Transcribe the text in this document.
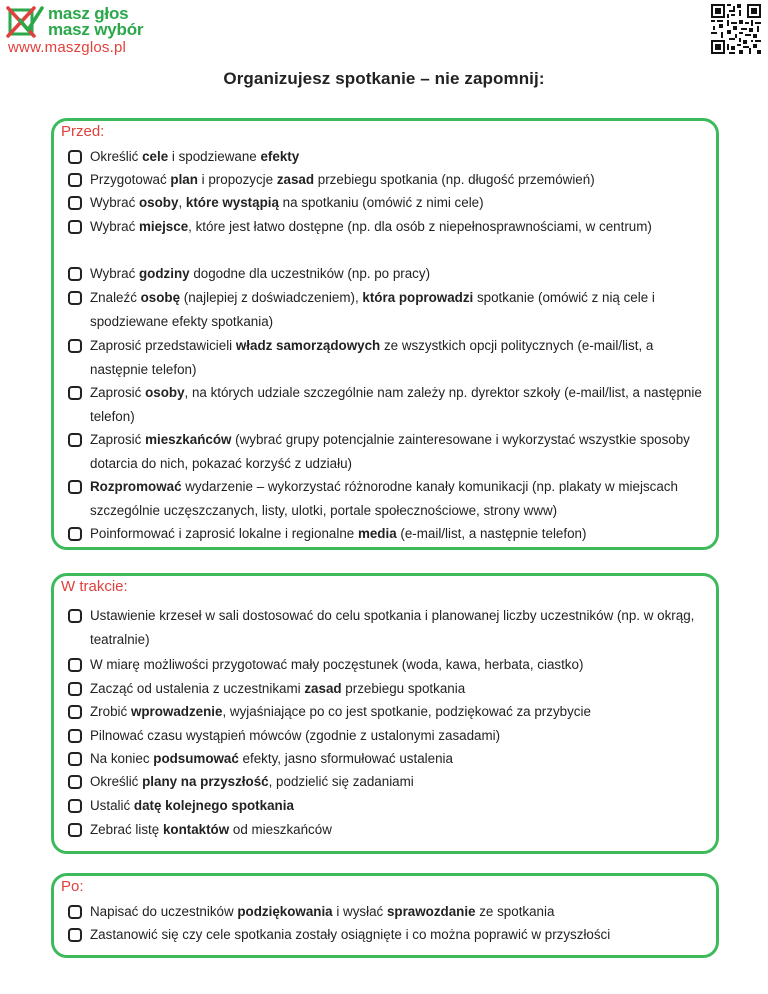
masz głos
masz wybór
www.maszglos.pl
Organizujesz spotkanie – nie zapomnij:
Przed:
Określić cele i spodziewane efekty
Przygotować plan i propozycje zasad przebiegu spotkania (np. długość przemówień)
Wybrać osoby, które wystąpią na spotkaniu (omówić z nimi cele)
Wybrać miejsce, które jest łatwo dostępne (np. dla osób z niepełnosprawnościami, w centrum)
Wybrać godziny dogodne dla uczestników (np. po pracy)
Znaleźć osobę (najlepiej z doświadczeniem), która poprowadzi spotkanie (omówić z nią cele i spodziewane efekty spotkania)
Zaprosić przedstawicieli władz samorządowych ze wszystkich opcji politycznych (e-mail/list, a następnie telefon)
Zaprosić osoby, na których udziale szczególnie nam zależy np. dyrektor szkoły (e-mail/list, a następnie telefon)
Zaprosić mieszkańców (wybrać grupy potencjalnie zainteresowane i wykorzystać wszystkie sposoby dotarcia do nich, pokazać korzyść z udziału)
Rozpromować wydarzenie – wykorzystać różnorodne kanały komunikacji (np. plakaty w miejscach szczególnie uczęszczanych, listy, ulotki, portale społecznościowe, strony www)
Poinformować i zaprosić lokalne i regionalne media (e-mail/list, a następnie telefon)
W trakcie:
Ustawienie krzeseł w sali dostosować do celu spotkania i planowanej liczby uczestników (np. w okrąg, teatralnie)
W miarę możliwości przygotować mały poczęstunek (woda, kawa, herbata, ciastko)
Zacząć od ustalenia z uczestnikami zasad przebiegu spotkania
Zrobić wprowadzenie, wyjaśniające po co jest spotkanie, podziękować za przybycie
Pilnować czasu wystąpień mówców (zgodnie z ustalonymi zasadami)
Na koniec podsumować efekty, jasno sformułować ustalenia
Określić plany na przyszłość, podzielić się zadaniami
Ustalić datę kolejnego spotkania
Zebrać listę kontaktów od mieszkańców
Po:
Napisać do uczestników podziękowania i wysłać sprawozdanie ze spotkania
Zastanowić się czy cele spotkania zostały osiągnięte i co można poprawić w przyszłości
